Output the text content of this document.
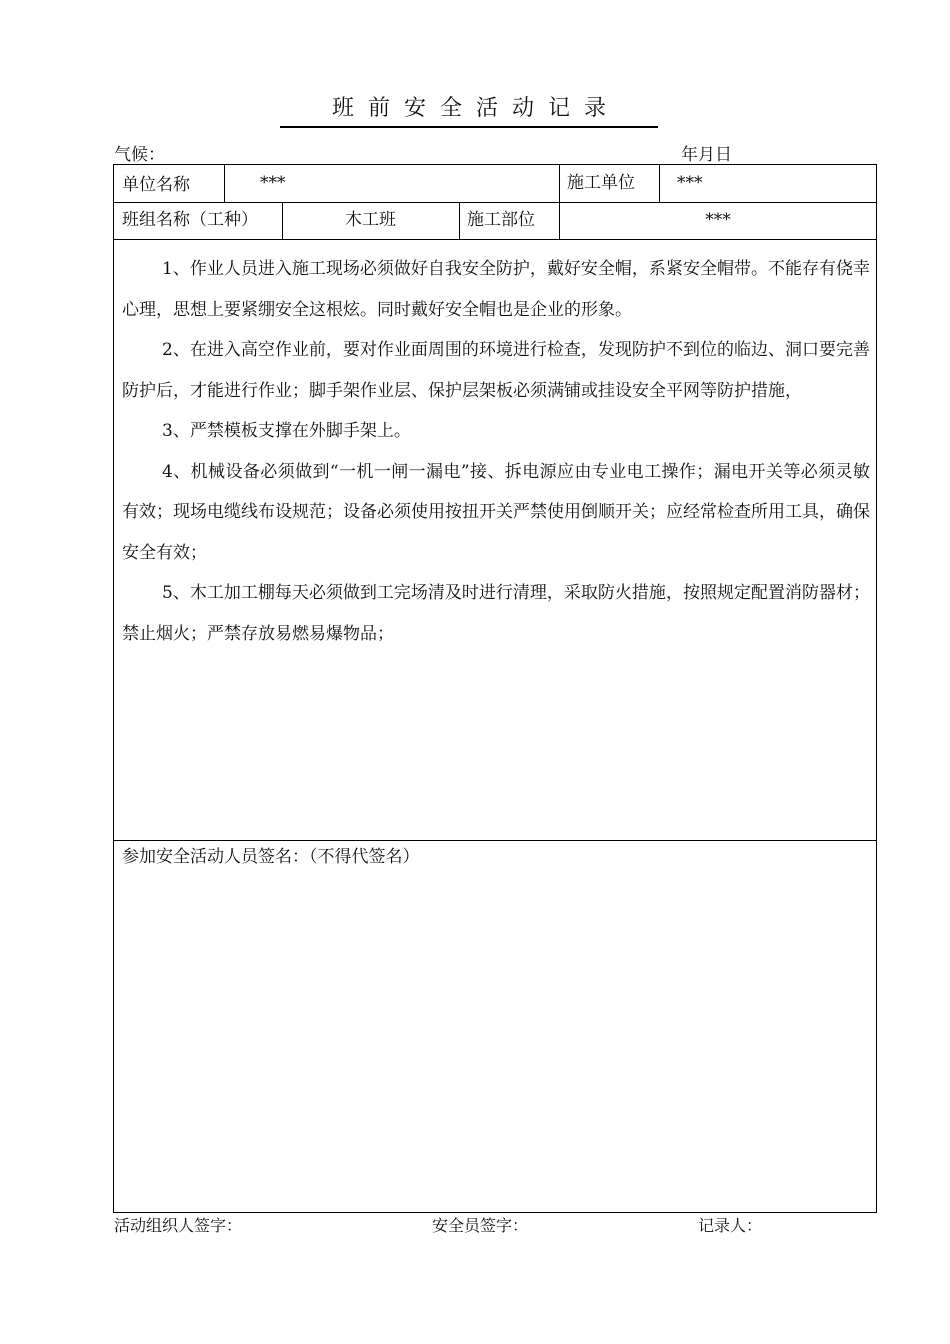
班前安全活动记录
气候：	年月日
单位名称	***	施工单位 ***
班组名称（工种）	木工班	施工部位	***

1、作业人员进入施工现场必须做好自我安全防护，戴好安全帽，系紧安全帽带。不能存有侥幸心理，思想上要紧绷安全这根炫。同时戴好安全帽也是企业的形象。

2、在进入高空作业前，要对作业面周围的环境进行检查，发现防护不到位的临边、洞口要完善防护后，才能进行作业；脚手架作业层、保护层架板必须满铺或挂设安全平网等防护措施，

3、严禁模板支撑在外脚手架上。

4、机械设备必须做到“一机一闸一漏电”接、拆电源应由专业电工操作；漏电开关等必须灵敏有效；现场电缆线布设规范；设备必须使用按扭开关严禁使用倒顺开关；应经常检查所用工具，确保安全有效；

5、木工加工棚每天必须做到工完场清及时进行清理，采取防火措施，按照规定配置消防器材；禁止烟火；严禁存放易燃易爆物品；

参加安全活动人员签名：（不得代签名）
活动组织人签字：	安全员签字：	记录人：
